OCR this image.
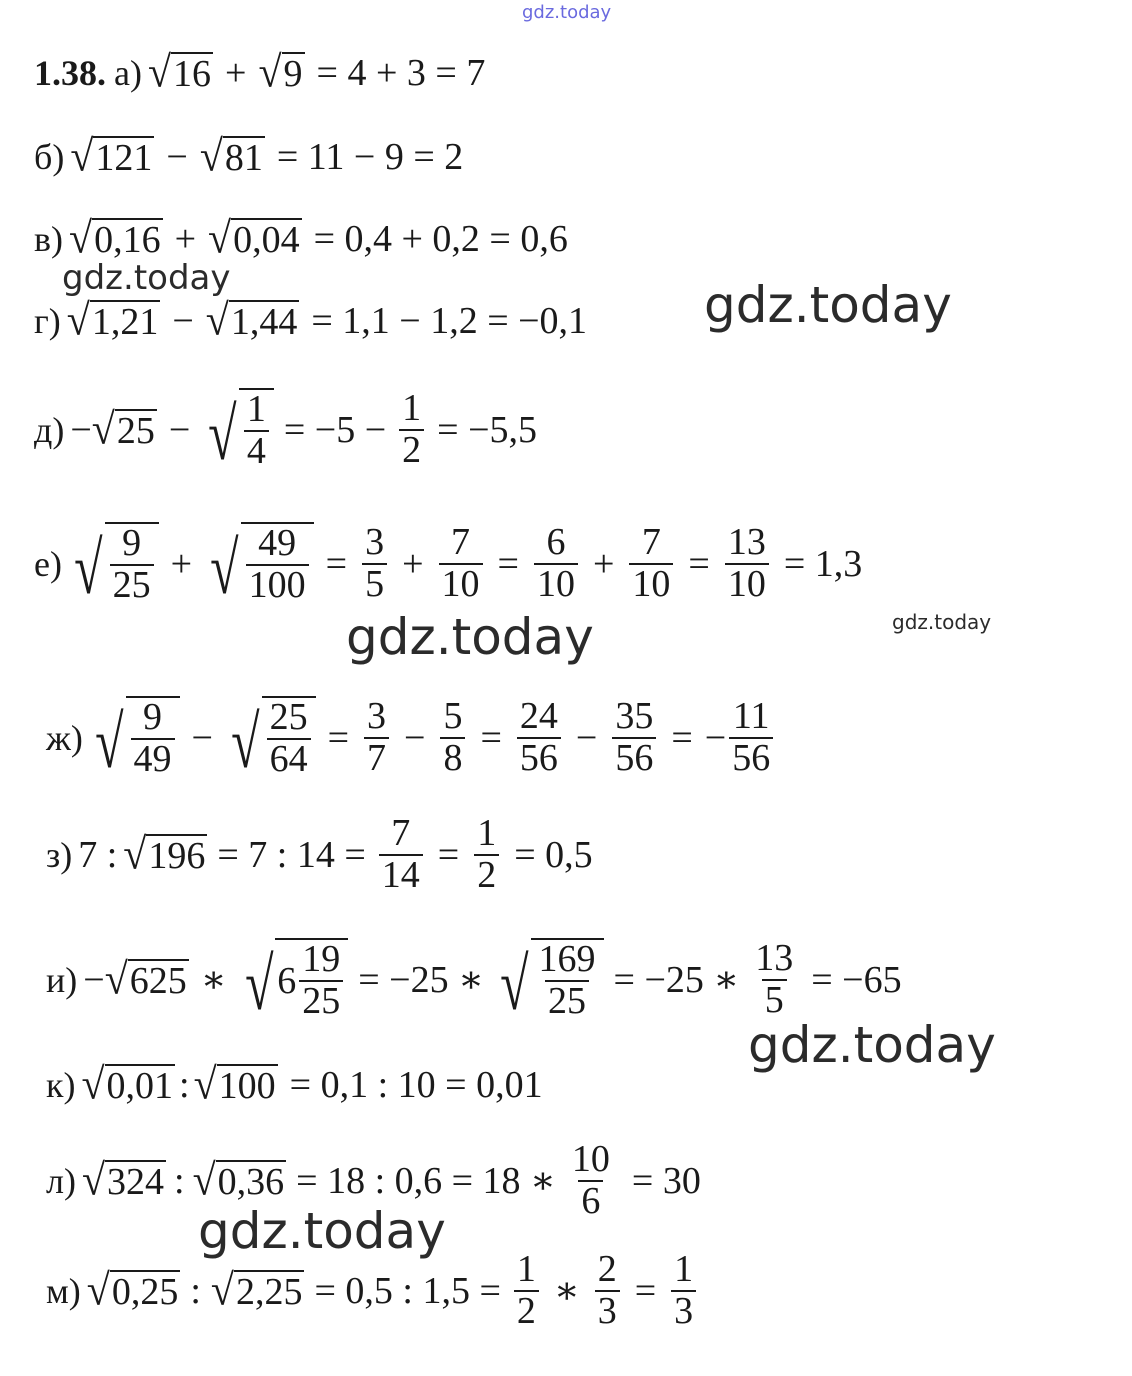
gdz.today
gdz.today	gdz.today
gdz.today	gdz.today
gdz.today
gdz.today
1.38. а) √ 16 + √ 9 = 4 + 3 = 7
б) √ 121 − √ 81 = 11 − 9 = 2
в) √ 0,16 + √ 0,04 = 0,4 + 0,2 = 0,6
г) √ 1,21 − √ 1,44 = 1,1 − 1,2 = −0,1
д) − √ 25 − √ $\frac{1}{4} = -5 - \frac{1}{2} = -5,5$
е) √ $\frac{9}{25}$ + √ $\frac{49}{100} = \frac{3}{5} + \frac{7}{10} = \frac{6}{10} + \frac{7}{10} = \frac{13}{10} = 1,3$
ж) √ $\frac{9}{49}$ − √ $\frac{25}{64} = \frac{3}{7} - \frac{5}{8} = \frac{24}{56} - \frac{35}{56}$ = − $\frac{11}{56}$
з) 7 : √ 196 = 7 : $14 = \frac{7}{14} = \frac{1}{2} = 0,5$
и) − √ 625 ∗ √ $6 \frac{19}{25} = -25$ ∗ √ $\frac{169}{25} = -25$ ∗ $\frac{13}{5} = -65$
к) √ 0,01 : √ 100 = 0,1 : 10 = 0,01
л) √ 324 : √ 0,36 = 18 : 0,6 = 18 ∗ $\frac{10}{6} = 30$
м) √ 0,25 : √ 2,25 = 0,5 : $1,5 = \frac{1}{2}$ ∗ $\frac{2}{3} = \frac{1}{3}$
